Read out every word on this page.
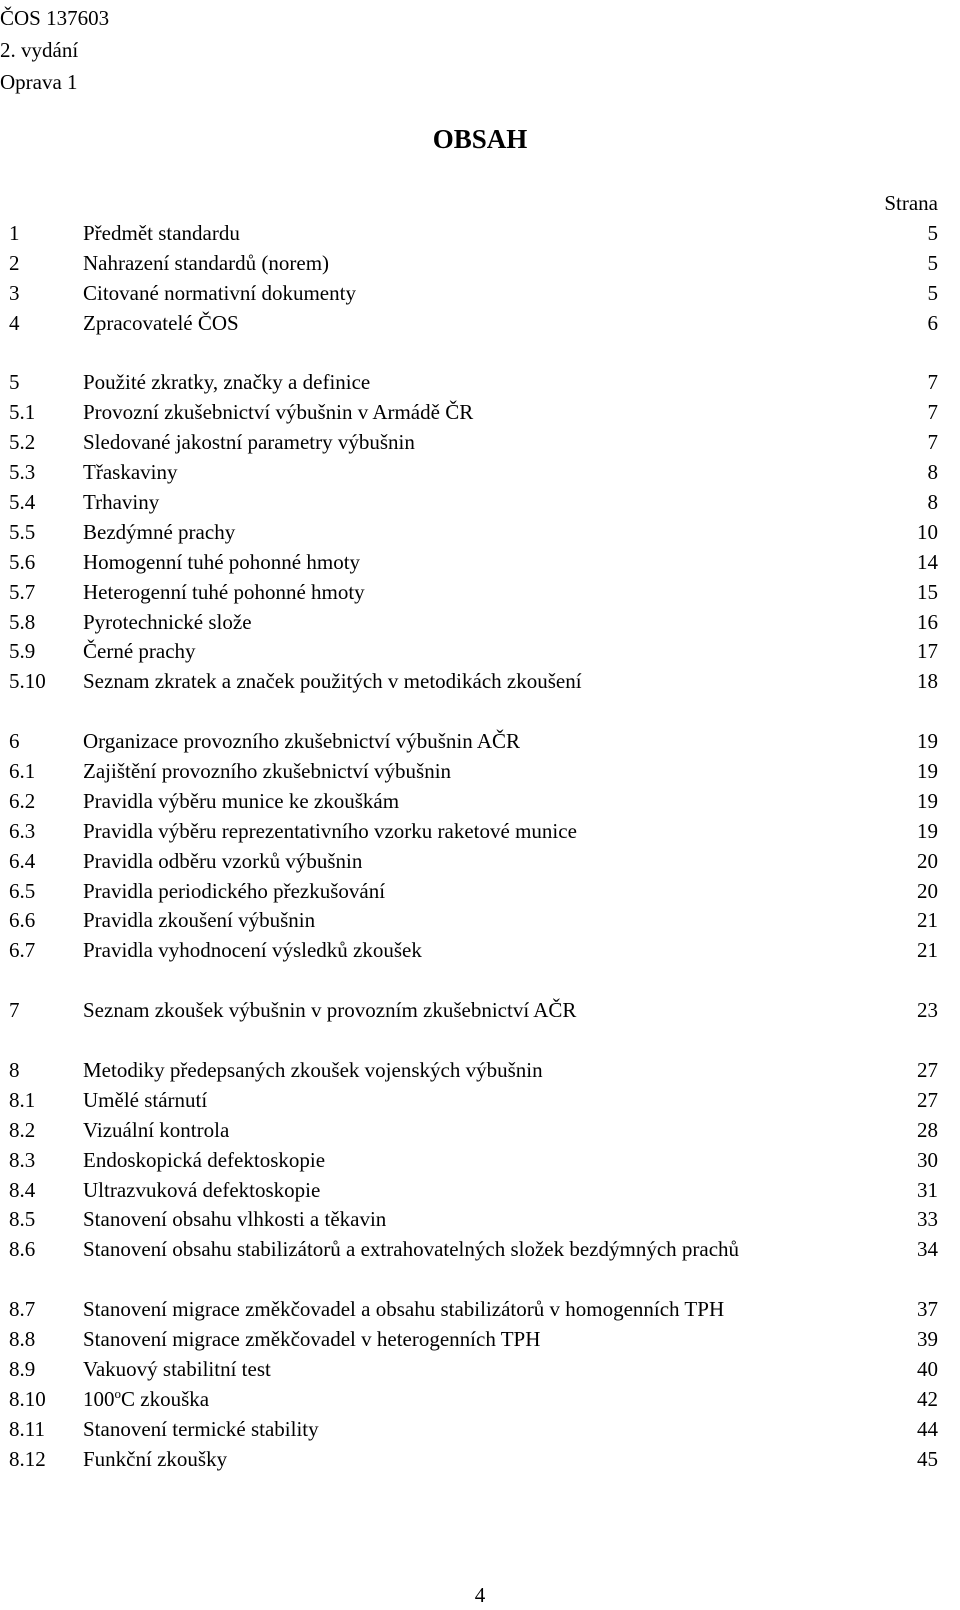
ČOS 137603
2. vydání
Oprava 1
OBSAH
Strana
1	Předmět standardu	5
2	Nahrazení standardů (norem)	5
3	Citované normativní dokumenty	5
4	Zpracovatelé ČOS	6
5	Použité zkratky, značky a definice	7
5.1 Provozní zkušebnictví výbušnin v Armádě ČR	7
5.2 Sledované jakostní parametry výbušnin	7
5.3 Třaskaviny	8
5.4 Trhaviny	8
5.5 Bezdýmné prachy	10
5.6 Homogenní tuhé pohonné hmoty	14
5.7 Heterogenní tuhé pohonné hmoty	15
5.8 Pyrotechnické slože	16
5.9 Černé prachy	17
5.10 Seznam zkratek a značek použitých v metodikách zkoušení	18
6	Organizace provozního zkušebnictví výbušnin AČR	19
6.1 Zajištění provozního zkušebnictví výbušnin	19
6.2 Pravidla výběru munice ke zkouškám	19
6.3 Pravidla výběru reprezentativního vzorku raketové munice	19
6.4 Pravidla odběru vzorků výbušnin	20
6.5 Pravidla periodického přezkušování	20
6.6 Pravidla zkoušení výbušnin	21
6.7 Pravidla vyhodnocení výsledků zkoušek	21
7	Seznam zkoušek výbušnin v provozním zkušebnictví AČR	23
8	Metodiky předepsaných zkoušek vojenských výbušnin	27
8.1 Umělé stárnutí	27
8.2 Vizuální kontrola	28
8.3 Endoskopická defektoskopie	30
8.4 Ultrazvuková defektoskopie	31
8.5 Stanovení obsahu vlhkosti a těkavin	33
8.6 Stanovení obsahu stabilizátorů a extrahovatelných složek bezdýmných prachů	34
8.7 Stanovení migrace změkčovadel a obsahu stabilizátorů v homogenních TPH	37
8.8 Stanovení migrace změkčovadel v heterogenních TPH	39
8.9 Vakuový stabilitní test	40
8.10 100$^o$C zkouška	42
8.11 Stanovení termické stability	44
8.12 Funkční zkoušky	45
4
